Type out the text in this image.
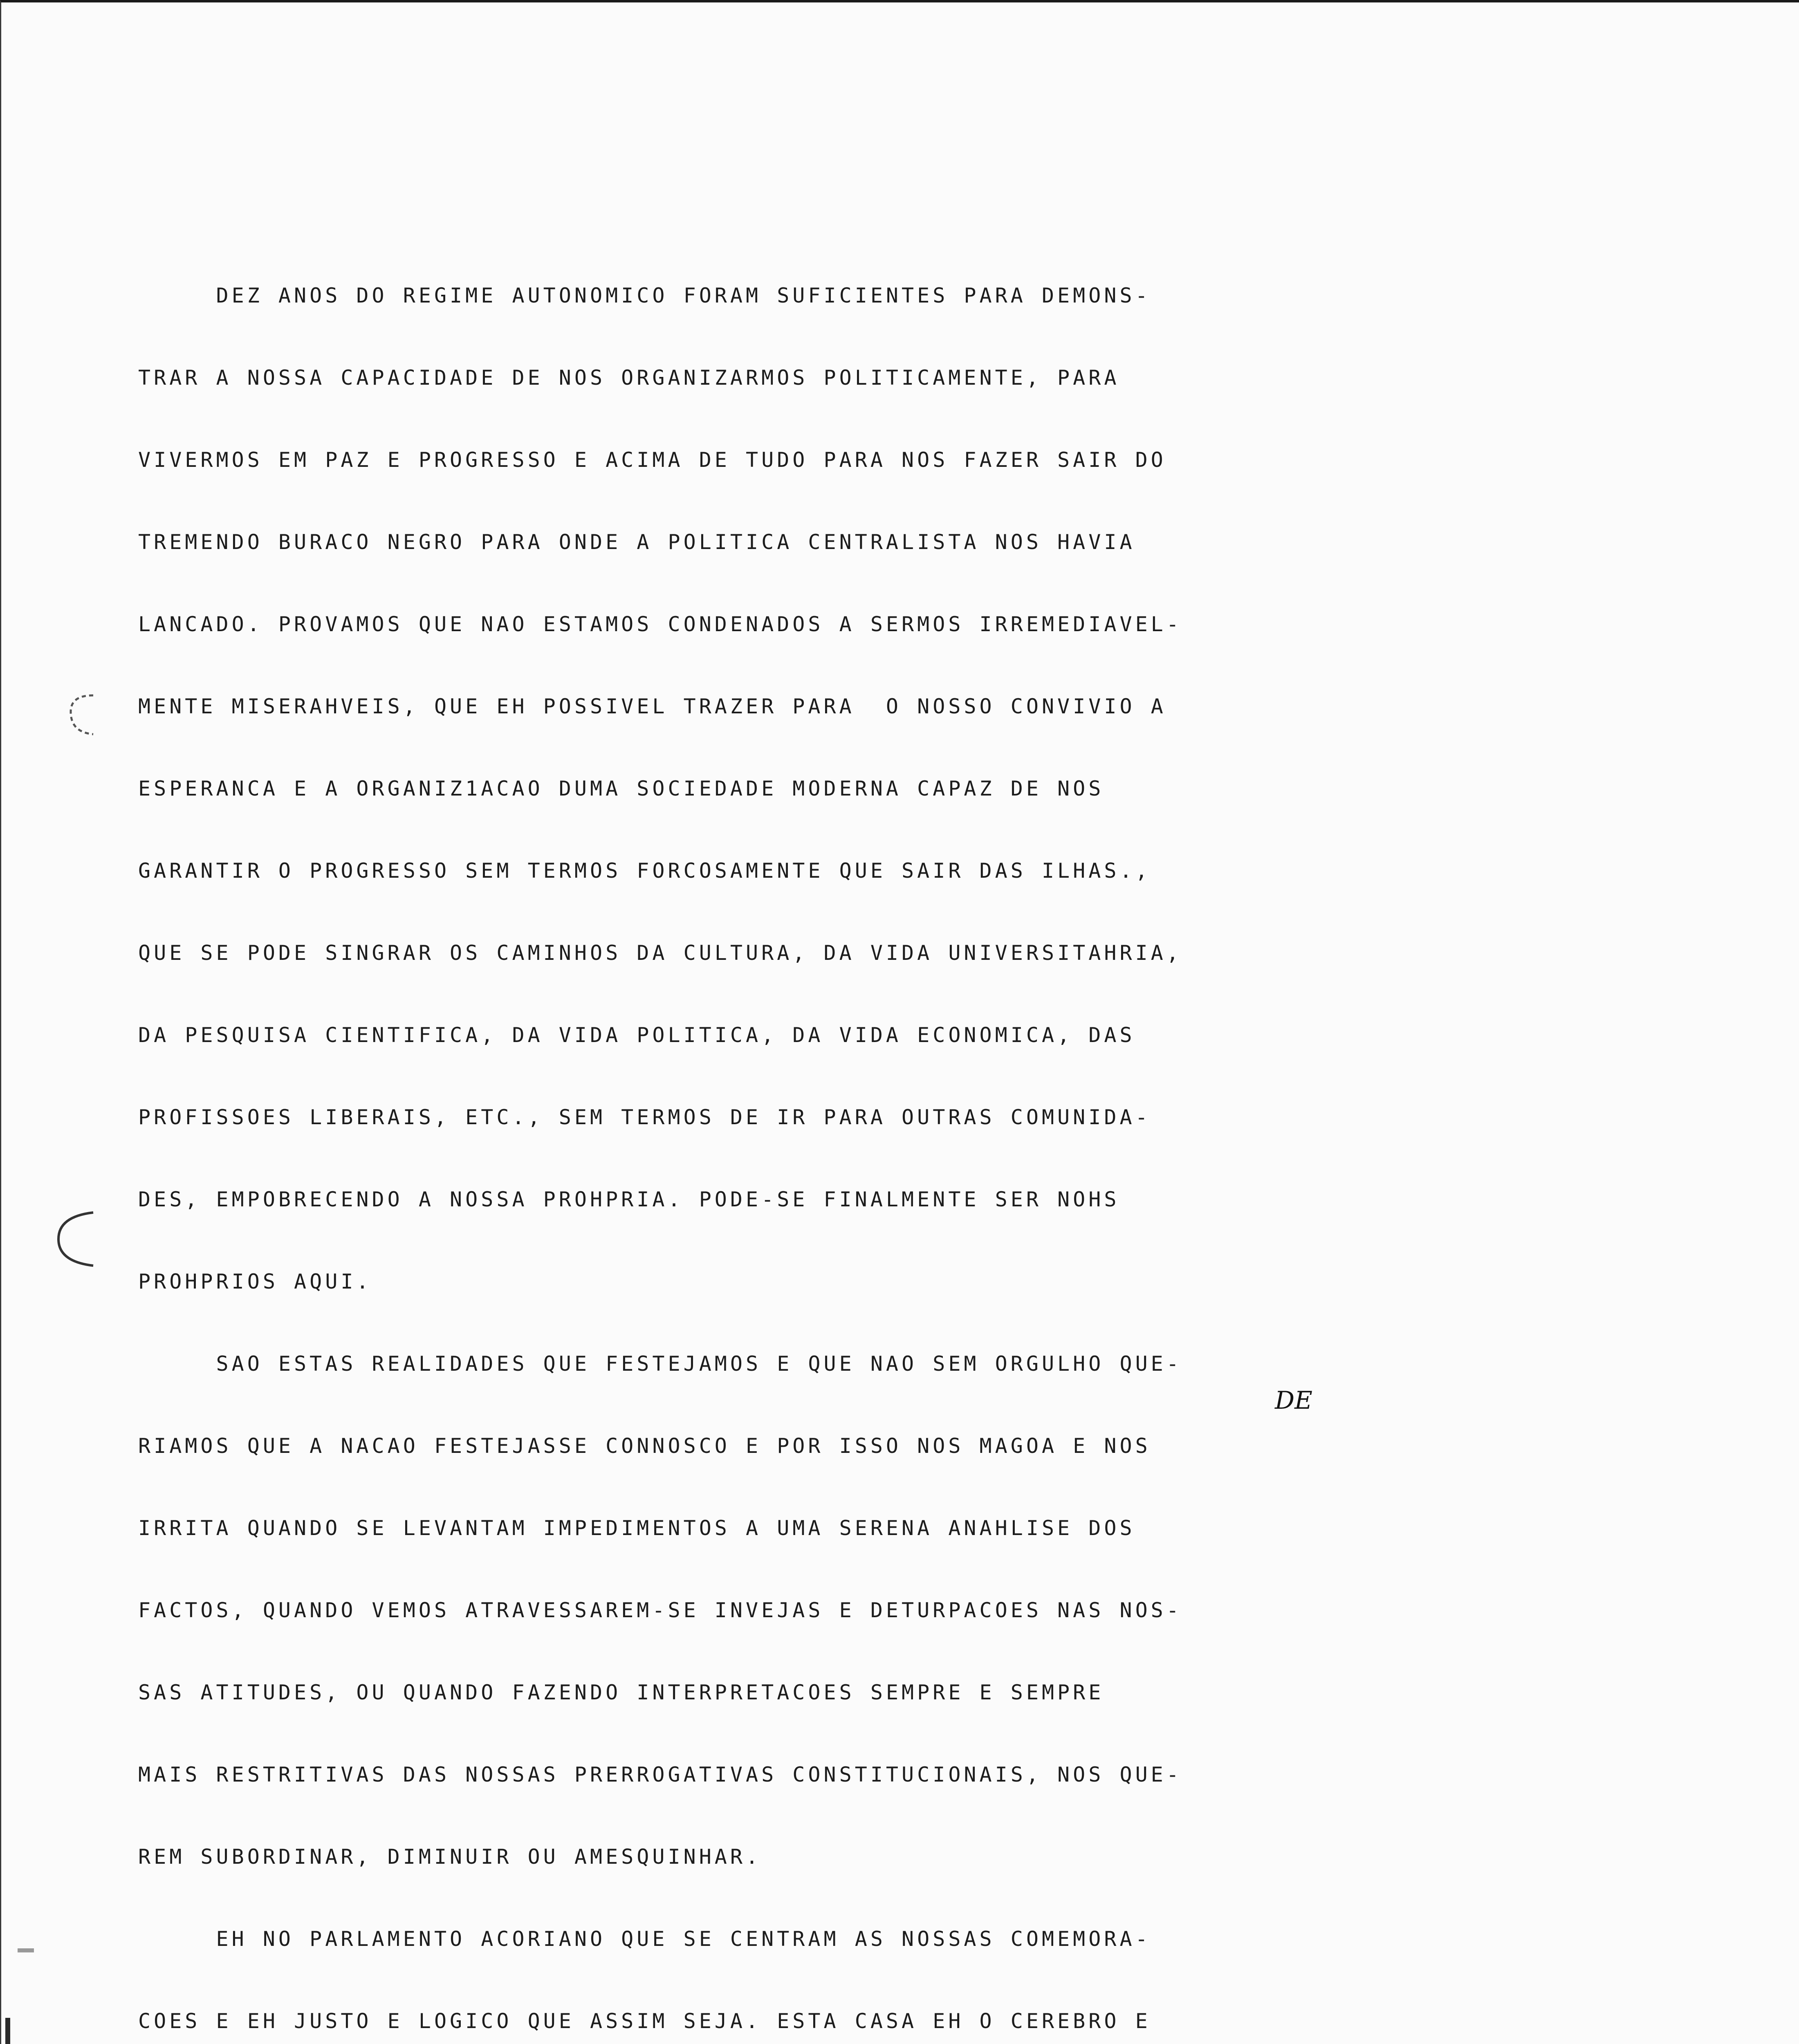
DEZ ANOS DO REGIME AUTONOMICO FORAM SUFICIENTES PARA DEMONS-

TRAR A NOSSA CAPACIDADE DE NOS ORGANIZARMOS POLITICAMENTE, PARA

VIVERMOS EM PAZ E PROGRESSO E ACIMA DE TUDO PARA NOS FAZER SAIR DO

TREMENDO BURACO NEGRO PARA ONDE A POLITICA CENTRALISTA NOS HAVIA

LANCADO. PROVAMOS QUE NAO ESTAMOS CONDENADOS A SERMOS IRREMEDIAVEL-

MENTE MISERAHVEIS, QUE EH POSSIVEL TRAZER PARA  O NOSSO CONVIVIO A

ESPERANCA E A ORGANIZ1ACAO DUMA SOCIEDADE MODERNA CAPAZ DE NOS

GARANTIR O PROGRESSO SEM TERMOS FORCOSAMENTE QUE SAIR DAS ILHAS.,

QUE SE PODE SINGRAR OS CAMINHOS DA CULTURA, DA VIDA UNIVERSITAHRIA,

DA PESQUISA CIENTIFICA, DA VIDA POLITICA, DA VIDA ECONOMICA, DAS

PROFISSOES LIBERAIS, ETC., SEM TERMOS DE IR PARA OUTRAS COMUNIDA-

DES, EMPOBRECENDO A NOSSA PROHPRIA. PODE-SE FINALMENTE SER NOHS

PROHPRIOS AQUI.

SAO ESTAS REALIDADES QUE FESTEJAMOS E QUE NAO SEM ORGULHO QUE-

RIAMOS QUE A NACAO FESTEJASSE CONNOSCO E POR ISSO NOS MAGOA E NOS

IRRITA QUANDO SE LEVANTAM IMPEDIMENTOS A UMA SERENA ANAHLISE DOS

FACTOS, QUANDO VEMOS ATRAVESSAREM-SE INVEJAS E DETURPACOES NAS NOS-

SAS ATITUDES, OU QUANDO FAZENDO INTERPRETACOES SEMPRE E SEMPRE

MAIS RESTRITIVAS DAS NOSSAS PRERROGATIVAS CONSTITUCIONAIS, NOS QUE-

REM SUBORDINAR, DIMINUIR OU AMESQUINHAR.

EH NO PARLAMENTO ACORIANO QUE SE CENTRAM AS NOSSAS COMEMORA-

COES E EH JUSTO E LOGICO QUE ASSIM SEJA. ESTA CASA EH O CEREBRO E

DE
